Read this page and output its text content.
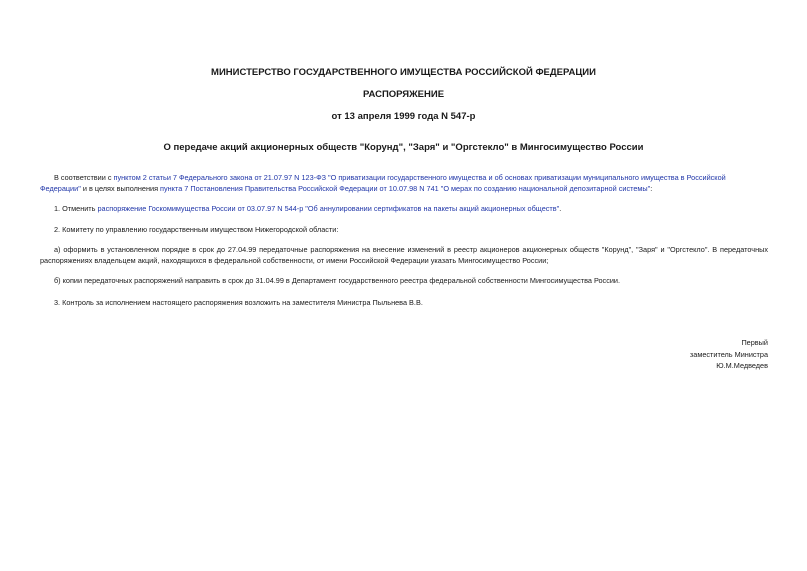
МИНИСТЕРСТВО ГОСУДАРСТВЕННОГО ИМУЩЕСТВА РОССИЙСКОЙ ФЕДЕРАЦИИ

РАСПОРЯЖЕНИЕ

от 13 апреля 1999 года N 547-р

О передаче акций акционерных обществ "Корунд", "Заря" и "Оргстекло" в Мингосимущество России

В соответствии с пунктом 2 статьи 7 Федерального закона от 21.07.97 N 123-ФЗ "О приватизации государственного имущества и об основах приватизации муниципального имущества в Российской Федерации" и в целях выполнения пункта 7 Постановления Правительства Российской Федерации от 10.07.98 N 741 "О мерах по созданию национальной депозитарной системы":

1. Отменить распоряжение Госкомимущества России от 03.07.97 N 544-р "Об аннулировании сертификатов на пакеты акций акционерных обществ".

2. Комитету по управлению государственным имуществом Нижегородской области:

а) оформить в установленном порядке в срок до 27.04.99 передаточные распоряжения на внесение изменений в реестр акционеров акционерных обществ "Корунд", "Заря" и "Оргстекло". В передаточных распоряжениях владельцем акций, находящихся в федеральной собственности, от имени Российской Федерации указать Мингосимущество России;

б) копии передаточных распоряжений направить в срок до 31.04.99 в Департамент государственного реестра федеральной собственности Мингосимущества России.

3. Контроль за исполнением настоящего распоряжения возложить на заместителя Министра Пыльнева В.В.

Первый
заместитель Министра
Ю.М.Медведев
